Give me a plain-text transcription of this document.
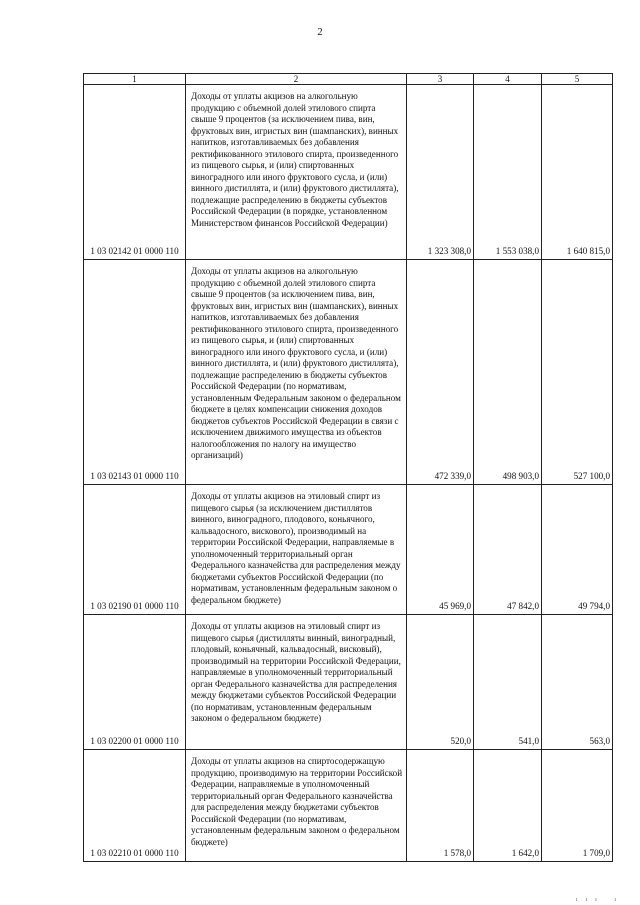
2
1	2	3	4	5
1 03 02142 01 0000 110	Доходы от уплаты акцизов на алкогольную продукцию с объемной долей этилового спирта свыше 9 процентов (за исключением пива, вин, фруктовых вин, игристых вин (шампанских), винных напитков, изготавливаемых без добавления ректификованного этилового спирта, произведенного из пищевого сырья, и (или) спиртованных виноградного или иного фруктового сусла, и (или) винного дистиллята, и (или) фруктового дистиллята), подлежащие распределению в бюджеты субъектов Российской Федерации (в порядке, установленном Министерством финансов Российской Федерации)	1 323 308,0	1 553 038,0	1 640 815,0
1 03 02143 01 0000 110	Доходы от уплаты акцизов на алкогольную продукцию с объемной долей этилового спирта свыше 9 процентов (за исключением пива, вин, фруктовых вин, игристых вин (шампанских), винных напитков, изготавливаемых без добавления ректификованного этилового спирта, произведенного из пищевого сырья, и (или) спиртованных виноградного или иного фруктового сусла, и (или) винного дистиллята, и (или) фруктового дистиллята), подлежащие распределению в бюджеты субъектов Российской Федерации (по нормативам, установленным Федеральным законом о федеральном бюджете в целях компенсации снижения доходов бюджетов субъектов Российской Федерации в связи с исключением движимого имущества из объектов налогообложения по налогу на имущество организаций)	472 339,0	498 903,0	527 100,0
1 03 02190 01 0000 110	Доходы от уплаты акцизов на этиловый спирт из пищевого сырья (за исключением дистиллятов винного, виноградного, плодового, коньячного, кальвадосного, вискового), производимый на территории Российской Федерации, направляемые в уполномоченный территориальный орган Федерального казначейства для распределения между бюджетами субъектов Российской Федерации (по нормативам, установленным федеральным законом о федеральном бюджете)	45 969,0	47 842,0	49 794,0
1 03 02200 01 0000 110	Доходы от уплаты акцизов на этиловый спирт из пищевого сырья (дистилляты винный, виноградный, плодовый, коньячный, кальвадосный, висковый), производимый на территории Российской Федерации, направляемые в уполномоченный территориальный орган Федерального казначейства для распределения между бюджетами субъектов Российской Федерации (по нормативам, установленным федеральным законом о федеральном бюджете)	520,0	541,0	563,0
1 03 02210 01 0000 110	Доходы от уплаты акцизов на спиртосодержащую продукцию, производимую на территории Российской Федерации, направляемые в уполномоченный территориальный орган Федерального казначейства для распределения между бюджетами субъектов Российской Федерации (по нормативам, установленным федеральным законом о федеральном бюджете)	1 578,0	1 642,0	1 709,0
ııı ı
